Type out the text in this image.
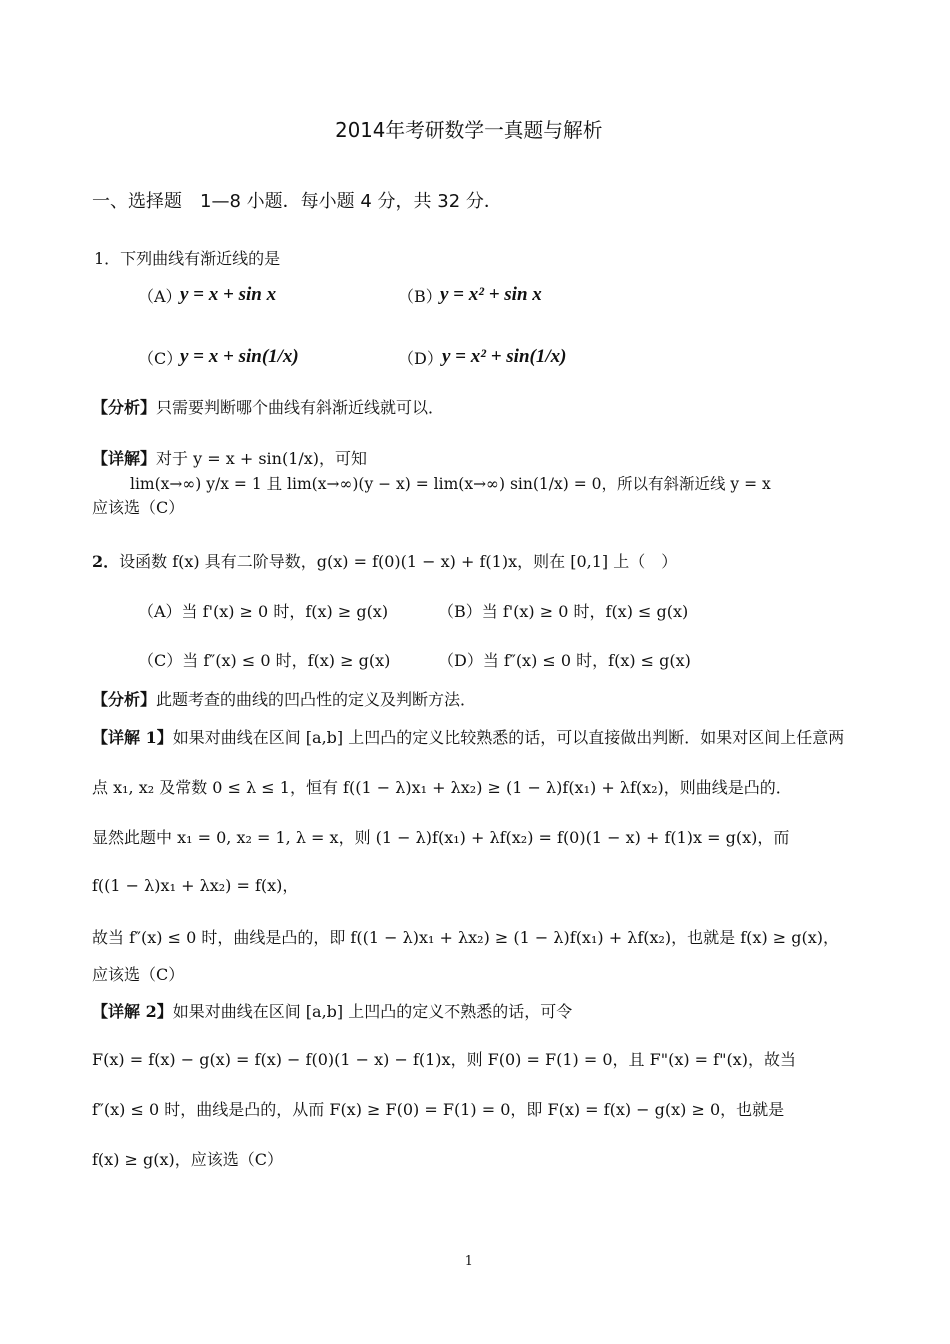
2014年考研数学一真题与解析
一、选择题　1—8 小题．每小题 4 分，共 32 分．
1．下列曲线有渐近线的是
（A）
y = x + sin x	（B）
y = x² + sin x
（C）
y = x + sin(1/x)	（D） y = x² + sin(1/x)
【分析】只需要判断哪个曲线有斜渐近线就可以．
【详解】对于 y = x + sin(1/x)，可知
lim(x→∞) y/x = 1 且 lim(x→∞)(y − x) = lim(x→∞) sin(1/x) = 0，所以有斜渐近线 y = x
应该选（C）
2．设函数 f(x) 具有二阶导数，g(x) = f(0)(1 − x) + f(1)x，则在 [0,1] 上（　）
（A）当 f'(x) ≥ 0 时，f(x) ≥ g(x)	（B）当 f'(x) ≥ 0 时，f(x) ≤ g(x)
（C）当 f″(x) ≤ 0 时，f(x) ≥ g(x)	（D）当 f″(x) ≤ 0 时，f(x) ≤ g(x)
【分析】此题考查的曲线的凹凸性的定义及判断方法．
【详解 1】如果对曲线在区间 [a,b] 上凹凸的定义比较熟悉的话，可以直接做出判断．如果对区间上任意两
点 x₁, x₂ 及常数 0 ≤ λ ≤ 1，恒有 f((1 − λ)x₁ + λx₂) ≥ (1 − λ)f(x₁) + λf(x₂)，则曲线是凸的．
显然此题中 x₁ = 0, x₂ = 1, λ = x，则 (1 − λ)f(x₁) + λf(x₂) = f(0)(1 − x) + f(1)x = g(x)，而
f((1 − λ)x₁ + λx₂) = f(x)，
故当 f″(x) ≤ 0 时，曲线是凸的，即 f((1 − λ)x₁ + λx₂) ≥ (1 − λ)f(x₁) + λf(x₂)，也就是 f(x) ≥ g(x)，
应该选（C）
【详解 2】如果对曲线在区间 [a,b] 上凹凸的定义不熟悉的话，可令
F(x) = f(x) − g(x) = f(x) − f(0)(1 − x) − f(1)x，则 F(0) = F(1) = 0，且 F"(x) = f"(x)，故当
f″(x) ≤ 0 时，曲线是凸的，从而 F(x) ≥ F(0) = F(1) = 0，即 F(x) = f(x) − g(x) ≥ 0，也就是
f(x) ≥ g(x)，应该选（C）
1
